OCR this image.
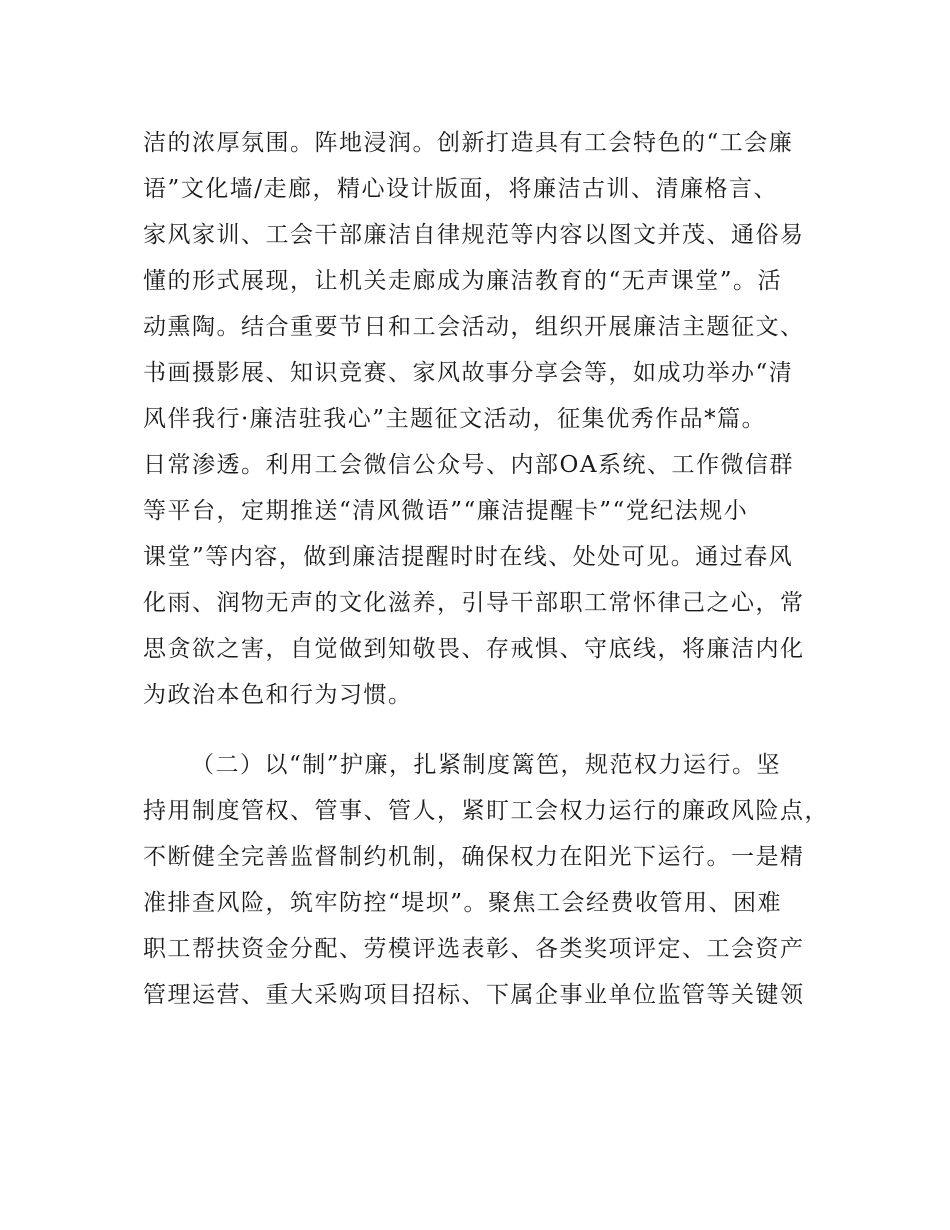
洁的浓厚氛围。阵地浸润。创新打造具有工会特色的“工会廉

语”文化墙/走廊，精心设计版面，将廉洁古训、清廉格言、

家风家训、工会干部廉洁自律规范等内容以图文并茂、通俗易

懂的形式展现，让机关走廊成为廉洁教育的“无声课堂”。活

动熏陶。结合重要节日和工会活动，组织开展廉洁主题征文、

书画摄影展、知识竞赛、家风故事分享会等，如成功举办“清

风伴我行·廉洁驻我心”主题征文活动，征集优秀作品*篇。

日常渗透。利用工会微信公众号、内部OA系统、工作微信群

等平台，定期推送“清风微语”“廉洁提醒卡”“党纪法规小

课堂”等内容，做到廉洁提醒时时在线、处处可见。通过春风

化雨、润物无声的文化滋养，引导干部职工常怀律己之心，常

思贪欲之害，自觉做到知敬畏、存戒惧、守底线，将廉洁内化

为政治本色和行为习惯。

（二）以“制”护廉，扎紧制度篱笆，规范权力运行。坚

持用制度管权、管事、管人，紧盯工会权力运行的廉政风险点，

不断健全完善监督制约机制，确保权力在阳光下运行。一是精

准排查风险，筑牢防控“堤坝”。聚焦工会经费收管用、困难

职工帮扶资金分配、劳模评选表彰、各类奖项评定、工会资产

管理运营、重大采购项目招标、下属企事业单位监管等关键领
